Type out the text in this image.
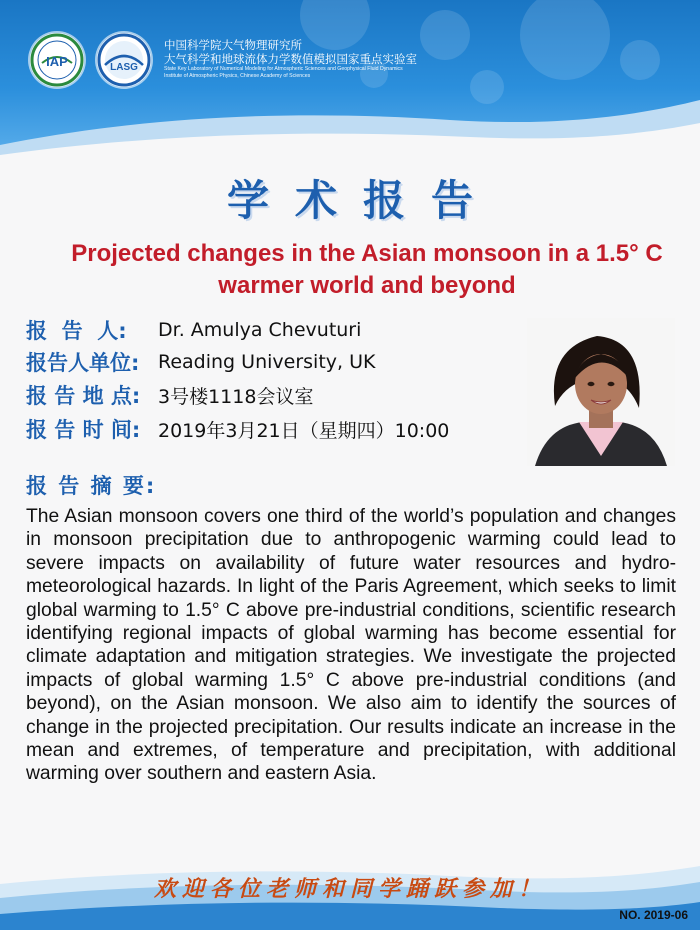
IAP	LASG
中国科学院大气物理研究所
大气科学和地球流体力学数值模拟国家重点实验室
State Key Laboratory of Numerical Modeling for Atmospheric Sciences and Geophysical Fluid Dynamics
Institute of Atmospheric Physics, Chinese Academy of Sciences
学术报告
Projected changes in the Asian monsoon in a 1.5° C warmer world and beyond
报  告  人:	Dr. Amulya Chevuturi
报告人单位: Reading University, UK
报 告 地 点: 3号楼1118会议室
报 告 时 间: 2019年3月21日（星期四）10:00
报 告 摘 要:
The Asian monsoon covers one third of the world’s population and changes in monsoon precipitation due to anthropogenic warming could lead to severe impacts on availability of future water resources and hydro-meteorological hazards. In light of the Paris Agreement, which seeks to limit global warming to 1.5° C above pre-industrial conditions, scientific research identifying regional impacts of global warming has become essential for climate adaptation and mitigation strategies. We investigate the projected impacts of global warming 1.5° C above pre-industrial conditions (and beyond), on the Asian monsoon. We also aim to identify the sources of change in the projected precipitation. Our results indicate an increase in the mean and extremes, of temperature and precipitation, with additional warming over southern and eastern Asia.
欢迎各位老师和同学踊跃参加！
NO. 2019-06
